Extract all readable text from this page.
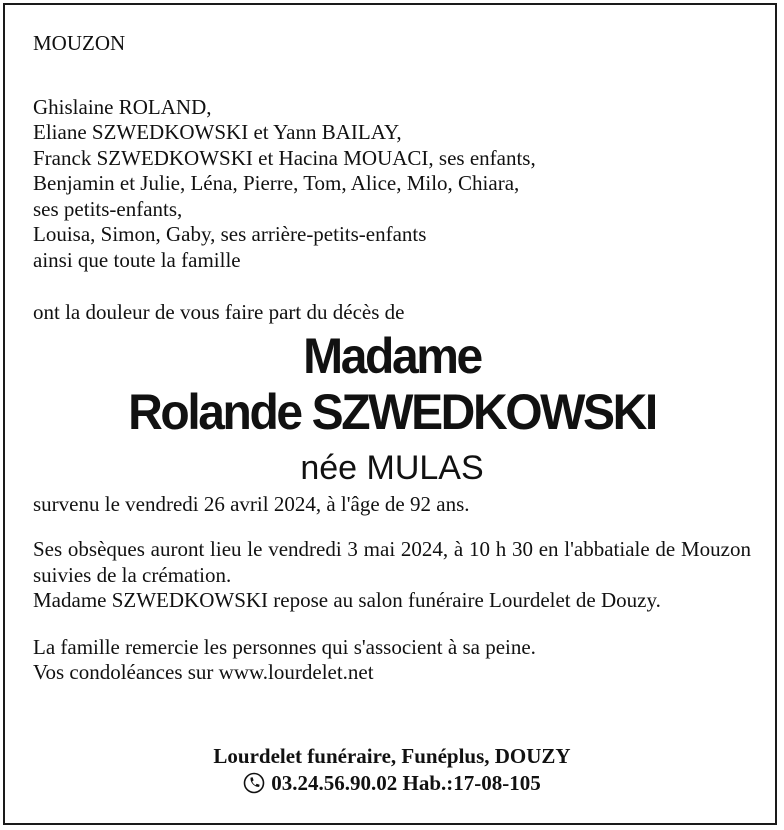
MOUZON

Ghislaine ROLAND,
Eliane SZWEDKOWSKI et Yann BAILAY,
Franck SZWEDKOWSKI et Hacina MOUACI, ses enfants,
Benjamin et Julie, Léna, Pierre, Tom, Alice, Milo, Chiara,
ses petits-enfants,
Louisa, Simon, Gaby, ses arrière-petits-enfants
ainsi que toute la famille

ont la douleur de vous faire part du décès de

Madame
Rolande SZWEDKOWSKI
née MULAS

survenu le vendredi 26 avril 2024, à l'âge de 92 ans.

Ses obsèques auront lieu le vendredi 3 mai 2024, à 10 h 30 en l'abbatiale de Mouzon suivies de la crémation.

Madame SZWEDKOWSKI repose au salon funéraire Lourdelet de Douzy.

La famille remercie les personnes qui s'associent à sa peine.
Vos condoléances sur www.lourdelet.net
Lourdelet funéraire, Funéplus, DOUZY
03.24.56.90.02 Hab.:17-08-105
